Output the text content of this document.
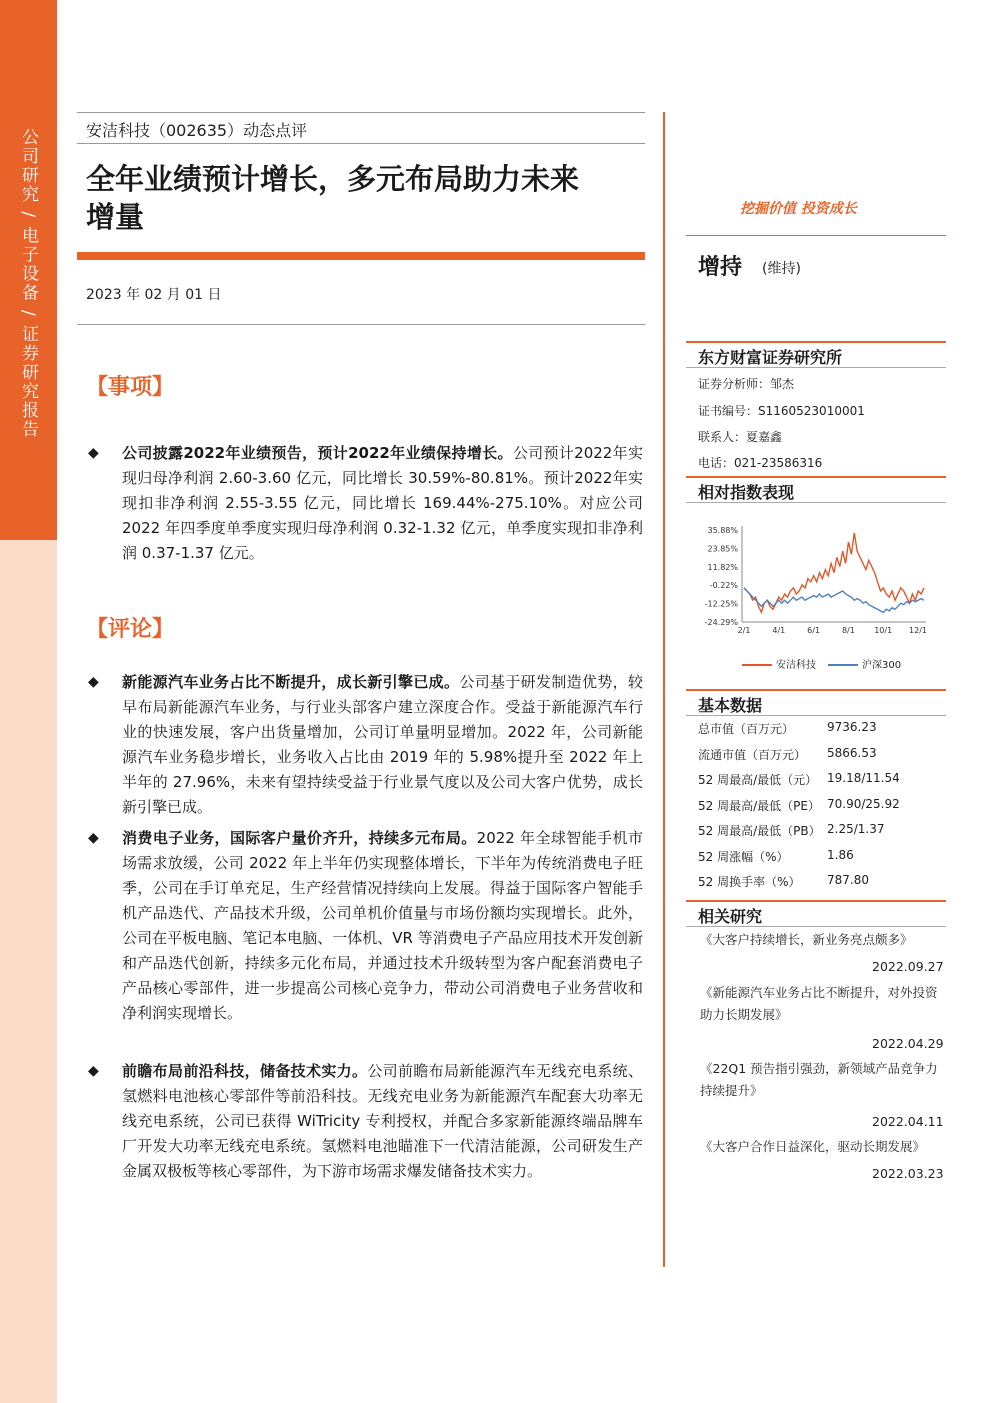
公司研究 / 电子设备 / 证券研究报告	安洁科技（002635）动态点评
全年业绩预计增长，多元布局助力未来
增量
2023 年 02 月 01 日
【事项】
◆ 公司披露2022年业绩预告，预计2022年业绩保持增长。公司预计2022年实现归母净利润 2.60-3.60 亿元，同比增长 30.59%-80.81%。预计2022年实现扣非净利润 2.55-3.55 亿元，同比增长 169.44%-275.10%。对应公司 2022 年四季度单季度实现归母净利润 0.32-1.32 亿元，单季度实现扣非净利润 0.37-1.37 亿元。
【评论】
◆ 新能源汽车业务占比不断提升，成长新引擎已成。公司基于研发制造优势，较早布局新能源汽车业务，与行业头部客户建立深度合作。受益于新能源汽车行业的快速发展，客户出货量增加，公司订单量明显增加。2022 年，公司新能源汽车业务稳步增长，业务收入占比由 2019 年的 5.98%提升至 2022 年上半年的 27.96%，未来有望持续受益于行业景气度以及公司大客户优势，成长新引擎已成。
◆ 消费电子业务，国际客户量价齐升，持续多元布局。2022 年全球智能手机市场需求放缓，公司 2022 年上半年仍实现整体增长，下半年为传统消费电子旺季，公司在手订单充足，生产经营情况持续向上发展。得益于国际客户智能手机产品迭代、产品技术升级，公司单机价值量与市场份额均实现增长。此外，公司在平板电脑、笔记本电脑、一体机、VR 等消费电子产品应用技术开发创新和产品迭代创新，持续多元化布局，并通过技术升级转型为客户配套消费电子产品核心零部件，进一步提高公司核心竞争力，带动公司消费电子业务营收和净利润实现增长。
◆ 前瞻布局前沿科技，储备技术实力。公司前瞻布局新能源汽车无线充电系统、氢燃料电池核心零部件等前沿科技。无线充电业务为新能源汽车配套大功率无线充电系统，公司已获得 WiTricity 专利授权，并配合多家新能源终端品牌车厂开发大功率无线充电系统。氢燃料电池瞄准下一代清洁能源，公司研发生产金属双极板等核心零部件，为下游市场需求爆发储备技术实力。
挖掘价值 投资成长
增持 (维持)
东方财富证券研究所
证券分析师：邹杰
证书编号：S1160523010001
联系人：夏嘉鑫
电话：021-23586316
相对指数表现
35.88%
23.85%
11.82%
-0.22%
-12.25%
-24.29%
2/1	4/1	6/1	8/1 10/1 12/1
安洁科技	沪深300
基本数据
总市值（百万元）	9736.23
流通市值（百万元） 5866.53
52 周最高/最低（元） 19.18/11.54
52 周最高/最低（PE） 70.90/25.92
52 周最高/最低（PB） 2.25/1.37
52 周涨幅（%）	1.86
52 周换手率（%） 787.80
相关研究
《大客户持续增长，新业务亮点颇多》
2022.09.27
《新能源汽车业务占比不断提升，对外投资助力长期发展》
2022.04.29
《22Q1 预告指引强劲，新领域产品竞争力持续提升》
2022.04.11
《大客户合作日益深化，驱动长期发展》
2022.03.23
